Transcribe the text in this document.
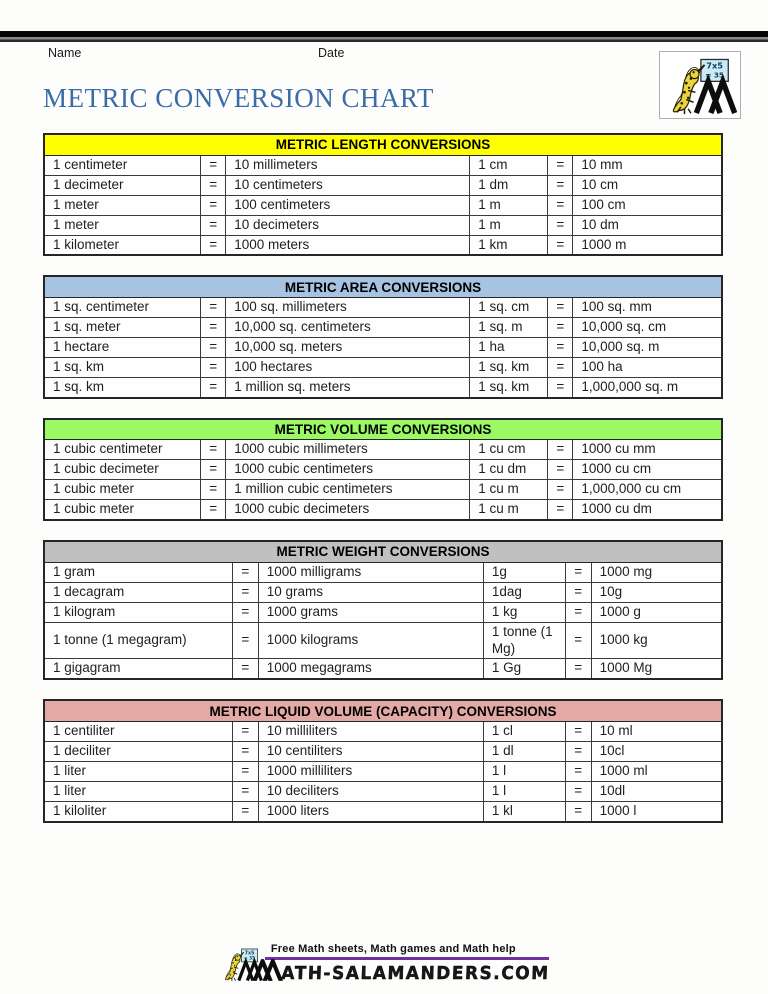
Name	Date
METRIC CONVERSION CHART
METRIC LENGTH CONVERSIONS					
1 centimeter	=	10 millimeters	1 cm	=	10 mm
1 decimeter	=	10 centimeters	1 dm	=	10 cm
1 meter	=	100 centimeters	1 m	=	100 cm
1 meter	=	10 decimeters	1 m	=	10 dm
1 kilometer	=	1000 meters	1 km	=	1000 m
METRIC AREA CONVERSIONS					
1 sq. centimeter	=	100 sq. millimeters	1 sq. cm	=	100 sq. mm
1 sq. meter	=	10,000 sq. centimeters	1 sq. m	=	10,000 sq. cm
1 hectare	=	10,000 sq. meters	1 ha	=	10,000 sq. m
1 sq. km	=	100 hectares	1 sq. km	=	100 ha
1 sq. km	=	1 million sq. meters	1 sq. km	=	1,000,000 sq. m
METRIC VOLUME CONVERSIONS					
1 cubic centimeter	=	1000 cubic millimeters	1 cu cm	=	1000 cu mm
1 cubic decimeter	=	1000 cubic centimeters	1 cu dm	=	1000 cu cm
1 cubic meter	=	1 million cubic centimeters	1 cu m	=	1,000,000 cu cm
1 cubic meter	=	1000 cubic decimeters	1 cu m	=	1000 cu dm
METRIC WEIGHT CONVERSIONS					
1 gram	=	1000 milligrams	1g	=	1000 mg
1 decagram	=	10 grams	1dag	=	10g
1 kilogram	=	1000 grams	1 kg	=	1000 g
1 tonne (1 megagram)	=	1000 kilograms	1 tonne (1 Mg)	=	1000 kg
1 gigagram	=	1000 megagrams	1 Gg	=	1000 Mg
METRIC LIQUID VOLUME (CAPACITY) CONVERSIONS					
1 centiliter	=	10 milliliters	1 cl	=	10 ml
1 deciliter	=	10 centiliters	1 dl	=	10cl
1 liter	=	1000 milliliters	1 l	=	1000 ml
1 liter	=	10 deciliters	1 l	=	10dl
1 kiloliter	=	1000 liters	1 kl	=	1000 l
Free Math sheets, Math games and Math help
ATH-SALAMANDERS.COM
